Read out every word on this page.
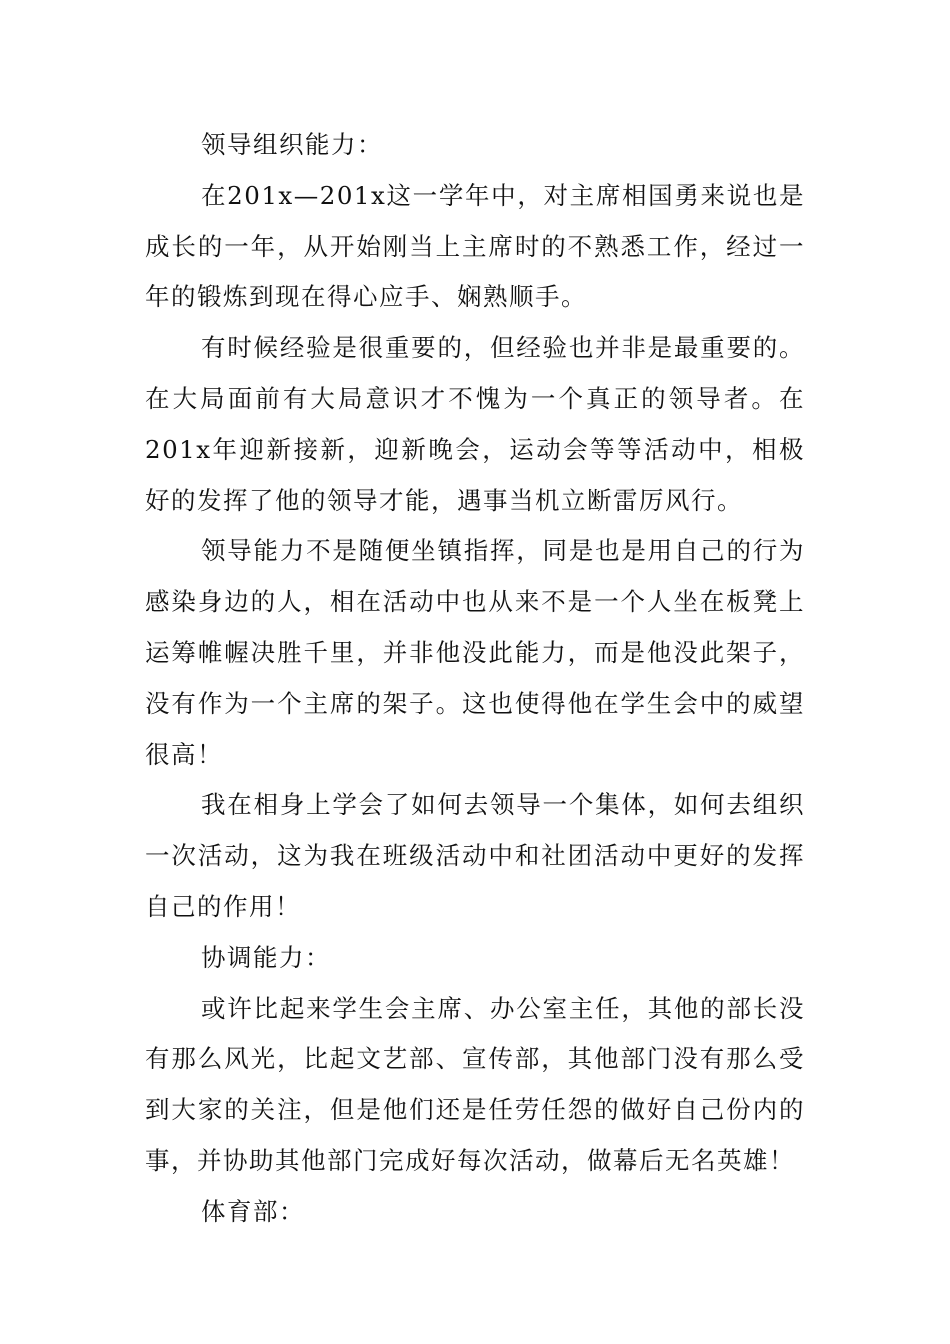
领导组织能力：

在201x—201x这一学年中，对主席相国勇来说也是成长的一年，从开始刚当上主席时的不熟悉工作，经过一年的锻炼到现在得心应手、娴熟顺手。

有时候经验是很重要的，但经验也并非是最重要的。在大局面前有大局意识才不愧为一个真正的领导者。在201x年迎新接新，迎新晚会，运动会等等活动中，相极好的发挥了他的领导才能，遇事当机立断雷厉风行。

领导能力不是随便坐镇指挥，同是也是用自己的行为感染身边的人，相在活动中也从来不是一个人坐在板凳上运筹帷幄决胜千里，并非他没此能力，而是他没此架子，没有作为一个主席的架子。这也使得他在学生会中的威望很高！

我在相身上学会了如何去领导一个集体，如何去组织一次活动，这为我在班级活动中和社团活动中更好的发挥自己的作用！

协调能力：

或许比起来学生会主席、办公室主任，其他的部长没有那么风光，比起文艺部、宣传部，其他部门没有那么受到大家的关注，但是他们还是任劳任怨的做好自己份内的事，并协助其他部门完成好每次活动，做幕后无名英雄！

体育部：
